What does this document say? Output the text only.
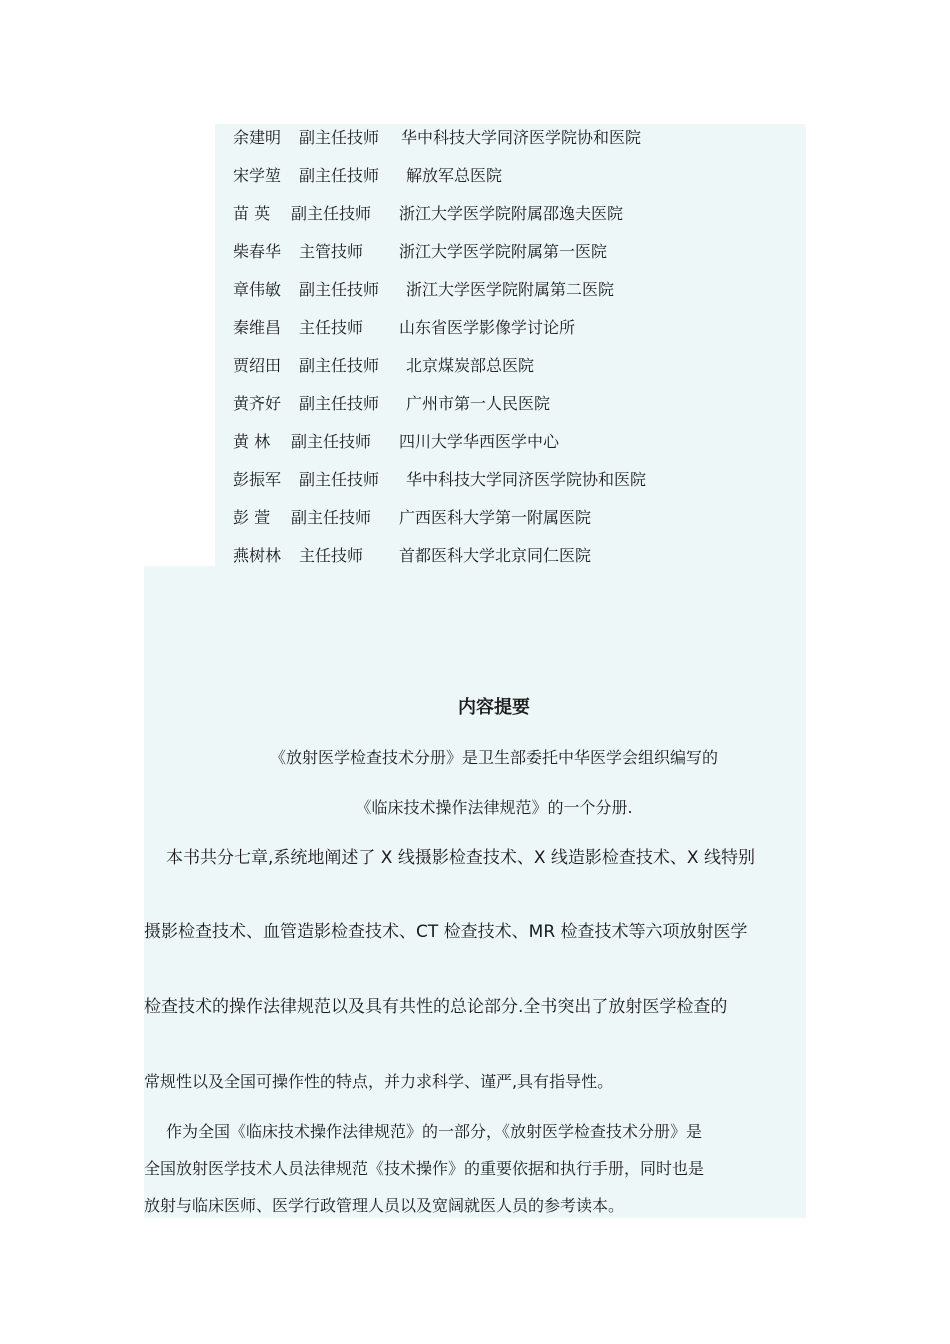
余建明 副主任技师 华中科技大学同济医学院协和医院
宋学堃 副主任技师 解放军总医院
苗 英 副主任技师 浙江大学医学院附属邵逸夫医院
柴春华 主管技师 浙江大学医学院附属第一医院
章伟敏 副主任技师 浙江大学医学院附属第二医院
秦维昌 主任技师 山东省医学影像学讨论所
贾绍田 副主任技师 北京煤炭部总医院
黄齐好 副主任技师 广州市第一人民医院
黄 林 副主任技师 四川大学华西医学中心
彭振军 副主任技师 华中科技大学同济医学院协和医院
彭 萱 副主任技师 广西医科大学第一附属医院
燕树林 主任技师 首都医科大学北京同仁医院
内容提要
《放射医学检查技术分册》是卫生部委托中华医学会组织编写的
《临床技术操作法律规范》的一个分册.
本书共分七章,系统地阐述了 X 线摄影检查技术、X 线造影检查技术、X 线特别
摄影检查技术、血管造影检查技术、CT 检查技术、MR 检查技术等六项放射医学
检查技术的操作法律规范以及具有共性的总论部分.全书突出了放射医学检查的
常规性以及全国可操作性的特点，并力求科学、谨严,具有指导性。
作为全国《临床技术操作法律规范》的一部分，《放射医学检查技术分册》是
全国放射医学技术人员法律规范《技术操作》的重要依据和执行手册，同时也是
放射与临床医师、医学行政管理人员以及宽阔就医人员的参考读本。
